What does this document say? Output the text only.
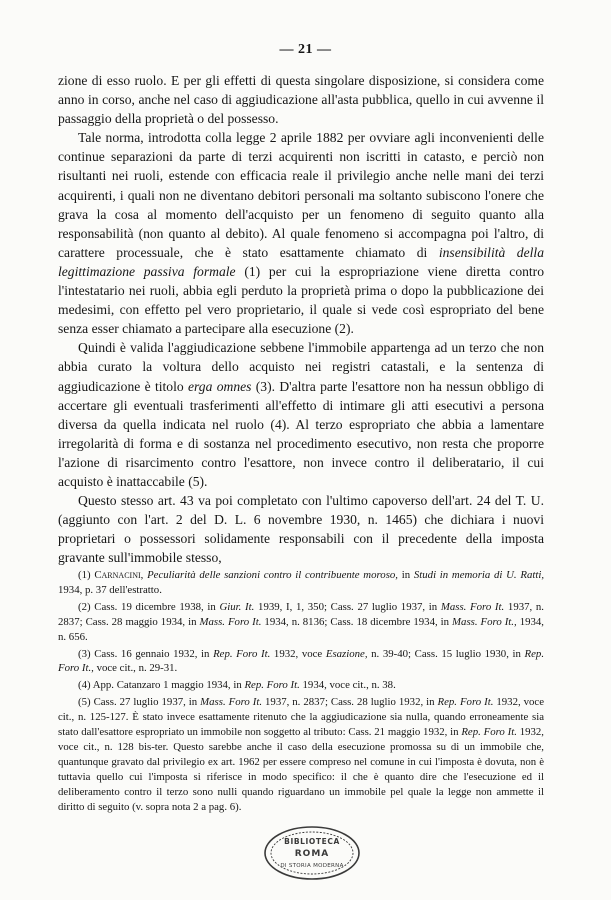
— 21 —

zione di esso ruolo. E per gli effetti di questa singolare disposizione, si considera come anno in corso, anche nel caso di aggiudicazione all'asta pubblica, quello in cui avvenne il passaggio della proprietà o del possesso.

Tale norma, introdotta colla legge 2 aprile 1882 per ovviare agli inconvenienti delle continue separazioni da parte di terzi acquirenti non iscritti in catasto, e perciò non risultanti nei ruoli, estende con efficacia reale il privilegio anche nelle mani dei terzi acquirenti, i quali non ne diventano debitori personali ma soltanto subiscono l'onere che grava la cosa al momento dell'acquisto per un fenomeno di seguito quanto alla responsabilità (non quanto al debito). Al quale fenomeno si accompagna poi l'altro, di carattere processuale, che è stato esattamente chiamato di insensibilità della legittimazione passiva formale (1) per cui la espropriazione viene diretta contro l'intestatario nei ruoli, abbia egli perduto la proprietà prima o dopo la pubblicazione dei medesimi, con effetto pel vero proprietario, il quale si vede così espropriato del bene senza esser chiamato a partecipare alla esecuzione (2).

Quindi è valida l'aggiudicazione sebbene l'immobile appartenga ad un terzo che non abbia curato la voltura dello acquisto nei registri catastali, e la sentenza di aggiudicazione è titolo erga omnes (3). D'altra parte l'esattore non ha nessun obbligo di accertare gli eventuali trasferimenti all'effetto di intimare gli atti esecutivi a persona diversa da quella indicata nel ruolo (4). Al terzo espropriato che abbia a lamentare irregolarità di forma e di sostanza nel procedimento esecutivo, non resta che proporre l'azione di risarcimento contro l'esattore, non invece contro il deliberatario, il cui acquisto è inattaccabile (5).

Questo stesso art. 43 va poi completato con l'ultimo capoverso dell'art. 24 del T. U. (aggiunto con l'art. 2 del D. L. 6 novembre 1930, n. 1465) che dichiara i nuovi proprietari o possessori solidamente responsabili con il precedente della imposta gravante sull'immobile stesso,

(1) Carnacini, Peculiarità delle sanzioni contro il contribuente moroso, in Studi in memoria di U. Ratti, 1934, p. 37 dell'estratto.

(2) Cass. 19 dicembre 1938, in Giur. It. 1939, I, 1, 350; Cass. 27 luglio 1937, in Mass. Foro It. 1937, n. 2837; Cass. 28 maggio 1934, in Mass. Foro It. 1934, n. 8136; Cass. 18 dicembre 1934, in Mass. Foro It., 1934, n. 656.

(3) Cass. 16 gennaio 1932, in Rep. Foro It. 1932, voce Esazione, n. 39-40; Cass. 15 luglio 1930, in Rep. Foro It., voce cit., n. 29-31.

(4) App. Catanzaro 1 maggio 1934, in Rep. Foro It. 1934, voce cit., n. 38.

(5) Cass. 27 luglio 1937, in Mass. Foro It. 1937, n. 2837; Cass. 28 luglio 1932, in Rep. Foro It. 1932, voce cit., n. 125-127. È stato invece esattamente ritenuto che la aggiudicazione sia nulla, quando erroneamente sia stato dall'esattore espropriato un immobile non soggetto al tributo: Cass. 21 maggio 1932, in Rep. Foro It. 1932, voce cit., n. 128 bis-ter. Questo sarebbe anche il caso della esecuzione promossa su di un immobile che, quantunque gravato dal privilegio ex art. 1962 per essere compreso nel comune in cui l'imposta è dovuta, non è tuttavia quello cui l'imposta si riferisce in modo specifico: il che è quanto dire che l'esecuzione ed il deliberamento contro il terzo sono nulli quando riguardano un immobile pel quale la legge non ammette il diritto di seguito (v. sopra nota 2 a pag. 6).

BIBLIOTECA
ROMA
DI STORIA MODERNA
